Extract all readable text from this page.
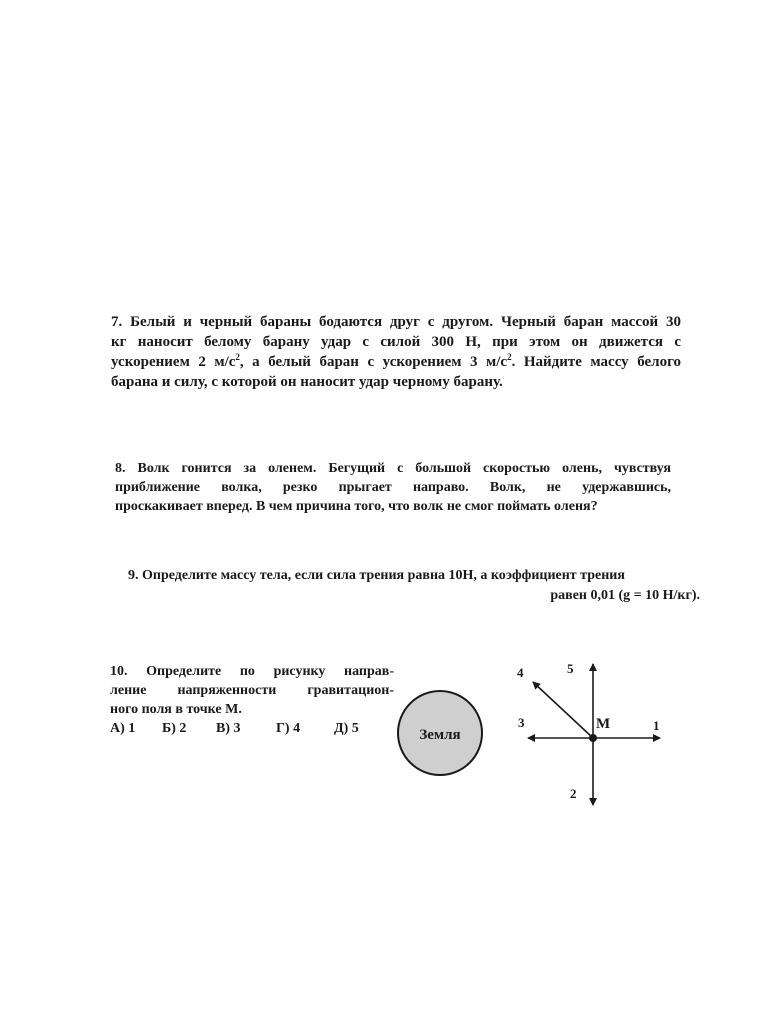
7. Белый и черный бараны бодаются друг с другом. Черный баран массой 30
кг наносит белому барану удар с силой 300 Н, при этом он движется с
ускорением 2 $м/с^2$, а белый баран с ускорением 3 $м/с^2$. Найдите массу белого
барана и силу, с которой он наносит удар черному барану.
8. Волк гонится за оленем. Бегущий с большой скоростью олень, чувствуя
приближение волка, резко прыгает направо. Волк, не удержавшись,
проскакивает вперед. В чем причина того, что волк не смог поймать оленя?
9. Определите массу тела, если сила трения равна 10Н, а коэффициент трения
равен 0,01 (g = 10 Н/кг).
10. Определите по рисунку направ-
ление напряженности гравитацион-
ного поля в точке М.
А) 1	Б) 2	В) 3	Г) 4	Д) 5	Земля
М	1
2
3
4	5
